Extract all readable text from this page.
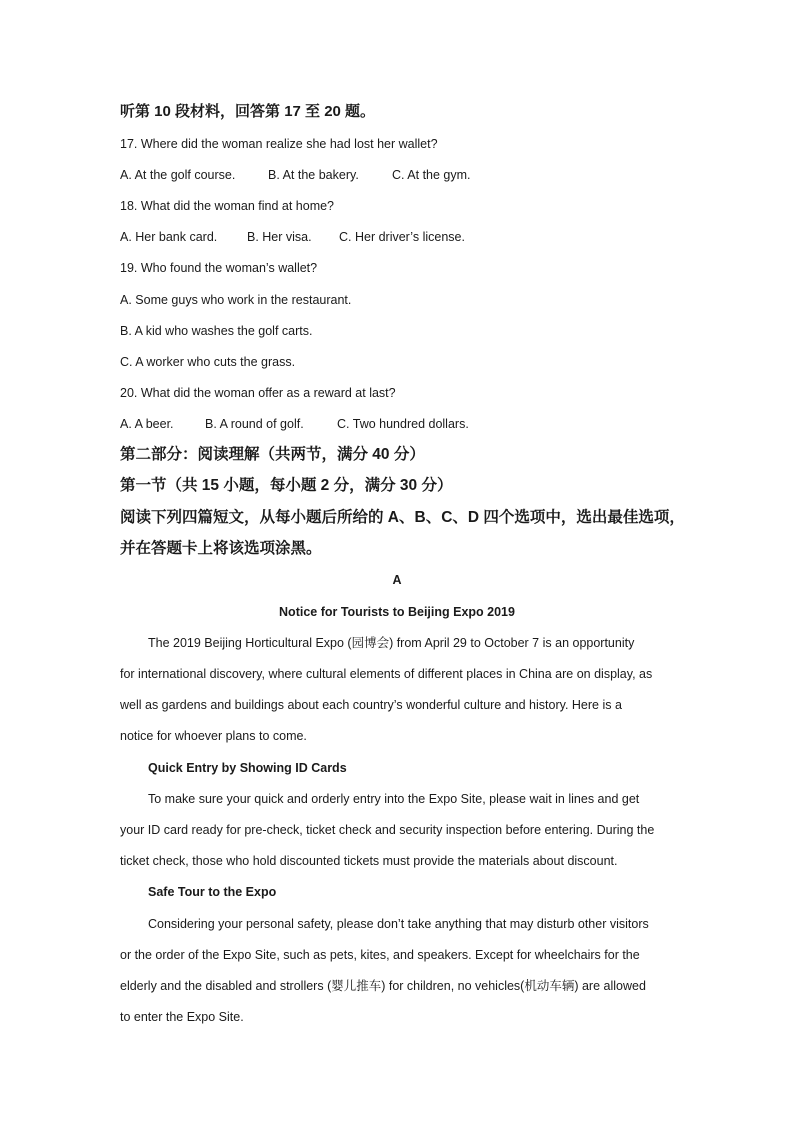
听第 10 段材料，回答第 17 至 20 题。
17. Where did the woman realize she had lost her wallet?
A. At the golf course.	B. At the bakery.	C. At the gym.
18. What did the woman find at home?
A. Her bank card. B. Her visa. C. Her driver’s license.
19. Who found the woman’s wallet?
A. Some guys who work in the restaurant.
B. A kid who washes the golf carts.
C. A worker who cuts the grass.
20. What did the woman offer as a reward at last?
A. A beer.	B. A round of golf.	C. Two hundred dollars.
第二部分：阅读理解（共两节，满分 40 分）
第一节（共 15 小题，每小题 2 分，满分 30 分）
阅读下列四篇短文，从每小题后所给的 A、B、C、D 四个选项中，选出最佳选项，
并在答题卡上将该选项涂黑。
A
Notice for Tourists to Beijing Expo 2019
The 2019 Beijing Horticultural Expo (园博会) from April 29 to October 7 is an opportunity
for international discovery, where cultural elements of different places in China are on display, as
well as gardens and buildings about each country’s wonderful culture and history. Here is a
notice for whoever plans to come.
Quick Entry by Showing ID Cards
To make sure your quick and orderly entry into the Expo Site, please wait in lines and get
your ID card ready for pre-check, ticket check and security inspection before entering. During the
ticket check, those who hold discounted tickets must provide the materials about discount.
Safe Tour to the Expo
Considering your personal safety, please don’t take anything that may disturb other visitors
or the order of the Expo Site, such as pets, kites, and speakers. Except for wheelchairs for the
elderly and the disabled and strollers (婴儿推车) for children, no vehicles(机动车辆) are allowed
to enter the Expo Site.
